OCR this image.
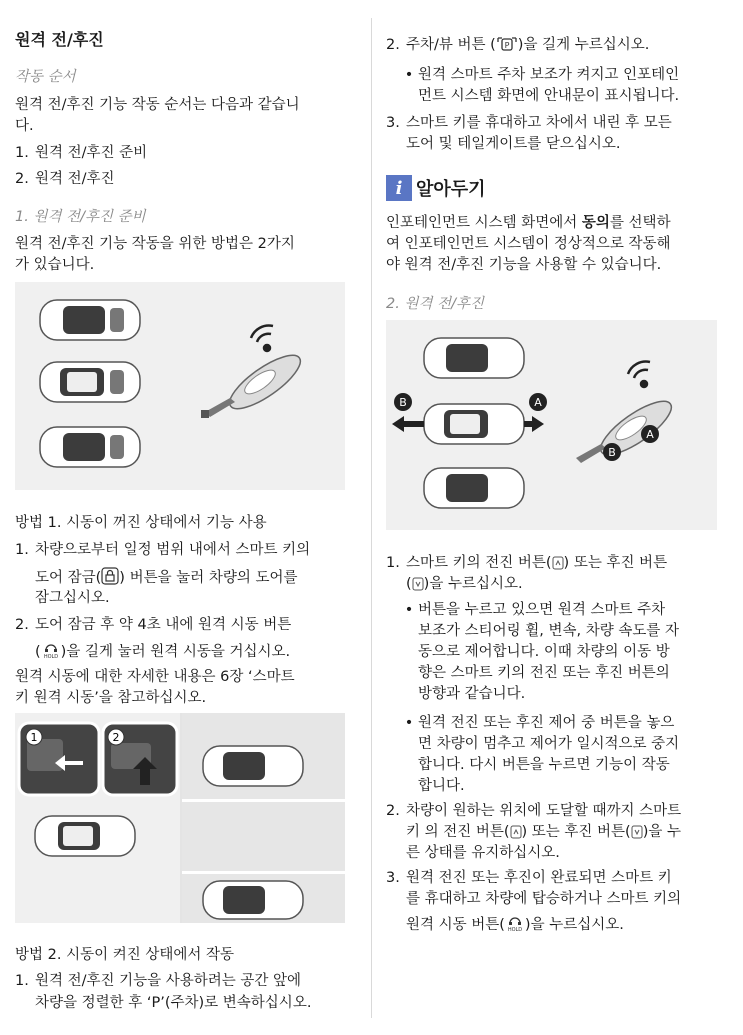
원격 전/후진
작동 순서
원격 전/후진 기능 작동 순서는 다음과 같습니
다.
1. 원격 전/후진 준비
2. 원격 전/후진
1. 원격 전/후진 준비
원격 전/후진 기능 작동을 위한 방법은 2가지
가 있습니다.
방법 1. 시동이 꺼진 상태에서 기능 사용
1. 차량으로부터 일정 범위 내에서 스마트 키의
도어 잠금( ) 버튼을 눌러 차량의 도어를
잠그십시오.
2. 도어 잠금 후 약 4초 내에 원격 시동 버튼
( HOLD )을 길게 눌러 원격 시동을 거십시오.
원격 시동에 대한 자세한 내용은 6장 ‘스마트
키 원격 시동’을 참고하십시오.
1	2
방법 2. 시동이 켜진 상태에서 작동
1. 원격 전/후진 기능을 사용하려는 공간 앞에
차량을 정렬한 후 ‘P’(주차)로 변속하십시오.
2. 주차/뷰 버튼 ( P )을 길게 누르십시오.
• 원격 스마트 주차 보조가 켜지고 인포테인
먼트 시스템 화면에 안내문이 표시됩니다.
3. 스마트 키를 휴대하고 차에서 내린 후 모든
도어 및 테일게이트를 닫으십시오.
i 알아두기
인포테인먼트 시스템 화면에서 동의를 선택하
여 인포테인먼트 시스템이 정상적으로 작동해
야 원격 전/후진 기능을 사용할 수 있습니다.
2. 원격 전/후진
B	A
A
B
1. 스마트 키의 전진 버튼( ) 또는 후진 버튼
( )을 누르십시오.
• 버튼을 누르고 있으면 원격 스마트 주차
보조가 스티어링 휠, 변속, 차량 속도를 자
동으로 제어합니다. 이때 차량의 이동 방
향은 스마트 키의 전진 또는 후진 버튼의
방향과 같습니다.
• 원격 전진 또는 후진 제어 중 버튼을 놓으
면 차량이 멈추고 제어가 일시적으로 중지
합니다. 다시 버튼을 누르면 기능이 작동
합니다.
2. 차량이 원하는 위치에 도달할 때까지 스마트
키 의 전진 버튼( ) 또는 후진 버튼( )을 누
른 상태를 유지하십시오.
3. 원격 전진 또는 후진이 완료되면 스마트 키
를 휴대하고 차량에 탑승하거나 스마트 키의
원격 시동 버튼( HOLD )을 누르십시오.
